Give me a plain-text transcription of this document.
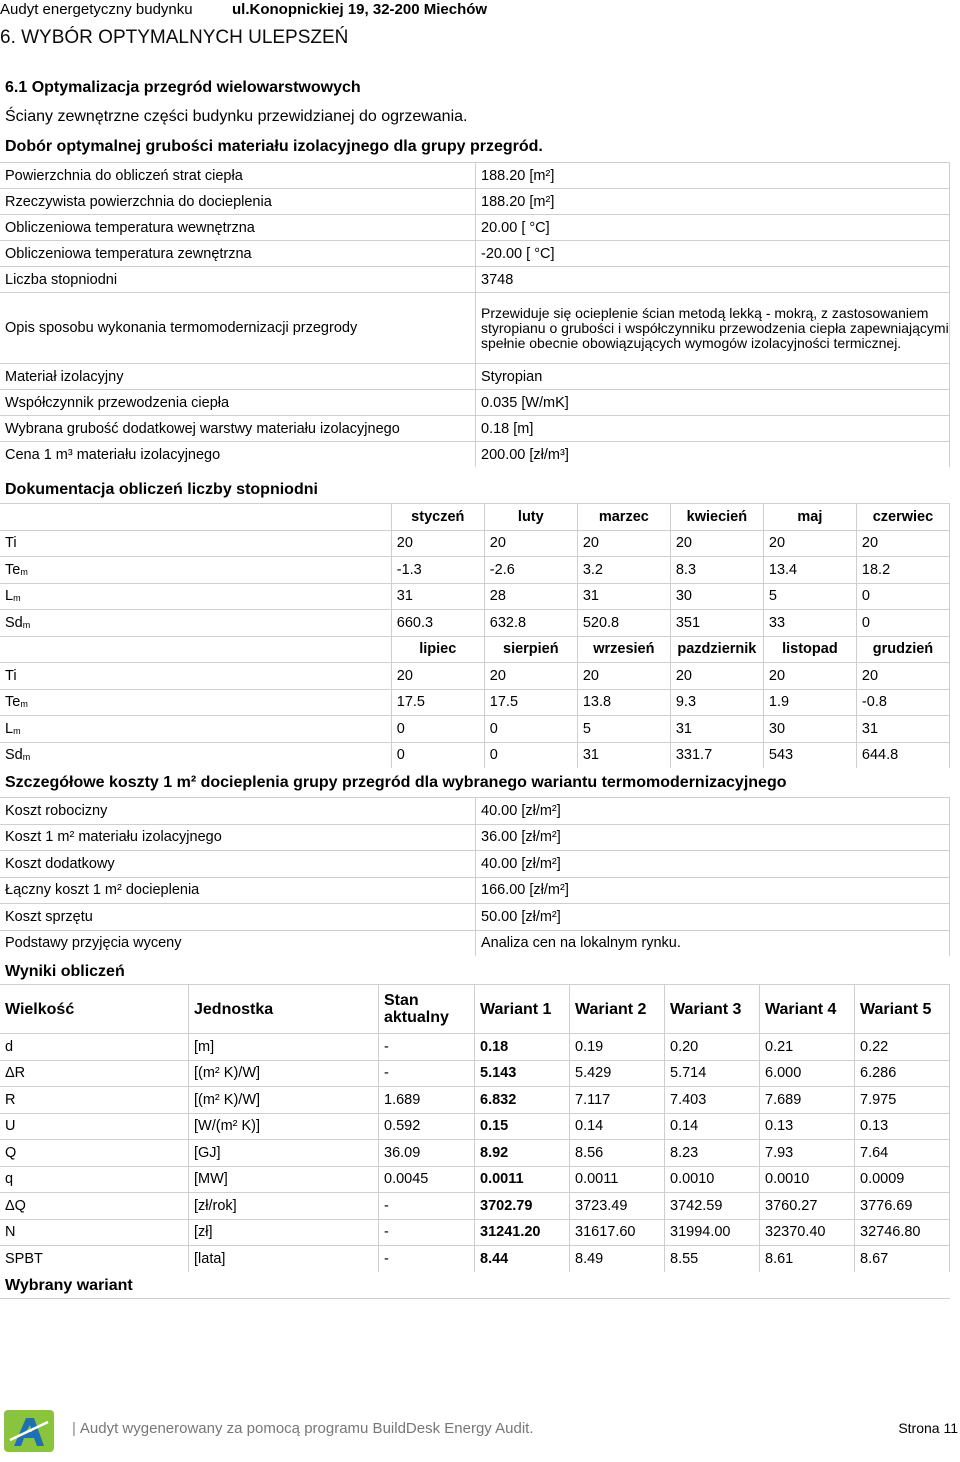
Audyt energetyczny budynku	ul.Konopnickiej 19, 32-200 Miechów
6. WYBÓR OPTYMALNYCH ULEPSZEŃ
6.1 Optymalizacja przegród wielowarstwowych
Ściany zewnętrzne części budynku przewidzianej do ogrzewania.
Dobór optymalnej grubości materiału izolacyjnego dla grupy przegród.
Powierzchnia do obliczeń strat ciepła	188.20 [m²]
Rzeczywista powierzchnia do docieplenia	188.20 [m²]
Obliczeniowa temperatura wewnętrzna	20.00 [ °C]
Obliczeniowa temperatura zewnętrzna	-20.00 [ °C]
Liczba stopniodni	3748
Opis sposobu wykonania termomodernizacji przegrody	Przewiduje się ocieplenie ścian metodą lekką - mokrą, z zastosowaniem styropianu o grubości i współczynniku przewodzenia ciepła zapewniającymi spełnie obecnie obowiązujących wymogów izolacyjności termicznej.
Materiał izolacyjny	Styropian
Współczynnik przewodzenia ciepła	0.035 [W/mK]
Wybrana grubość dodatkowej warstwy materiału izolacyjnego	0.18 [m]
Cena 1 m³ materiału izolacyjnego	200.00 [zł/m³]
Dokumentacja obliczeń liczby stopniodni
	styczeń	luty	marzec	kwiecień	maj	czerwiec
Ti	20	20	20	20	20	20
$Te_m$	-1.3	-2.6	3.2	8.3	13.4	18.2
$L_m$	31	28	31	30	5	0
$Sd_m$	660.3	632.8	520.8	351	33	0
	lipiec	sierpień	wrzesień	pazdziernik	listopad	grudzień
Ti	20	20	20	20	20	20
$Te_m$	17.5	17.5	13.8	9.3	1.9	-0.8
$L_m$	0	0	5	31	30	31
$Sd_m$	0	0	31	331.7	543	644.8
Szczegółowe koszty 1 m² docieplenia grupy przegród dla wybranego wariantu termomodernizacyjnego
Koszt robocizny	40.00 [zł/m²]
Koszt 1 m² materiału izolacyjnego	36.00 [zł/m²]
Koszt dodatkowy	40.00 [zł/m²]
Łączny koszt 1 m² docieplenia	166.00 [zł/m²]
Koszt sprzętu	50.00 [zł/m²]
Podstawy przyjęcia wyceny	Analiza cen na lokalnym rynku.
Wyniki obliczeń
Wielkość	Jednostka	Stan aktualny	Wariant 1	Wariant 2	Wariant 3	Wariant 4	Wariant 5
d	[m]	-	0.18	0.19	0.20	0.21	0.22
ΔR	[(m² K)/W]	-	5.143	5.429	5.714	6.000	6.286
R	[(m² K)/W]	1.689	6.832	7.117	7.403	7.689	7.975
U	[W/(m² K)]	0.592	0.15	0.14	0.14	0.13	0.13
Q	[GJ]	36.09	8.92	8.56	8.23	7.93	7.64
q	[MW]	0.0045	0.0011	0.0011	0.0010	0.0010	0.0009
ΔQ	[zł/rok]	-	3702.79	3723.49	3742.59	3760.27	3776.69
N	[zł]	-	31241.20	31617.60	31994.00	32370.40	32746.80
SPBT	[lata]	-	8.44	8.49	8.55	8.61	8.67
Wybrany wariant
| Audyt wygenerowany za pomocą programu BuildDesk Energy Audit.	Strona 11
